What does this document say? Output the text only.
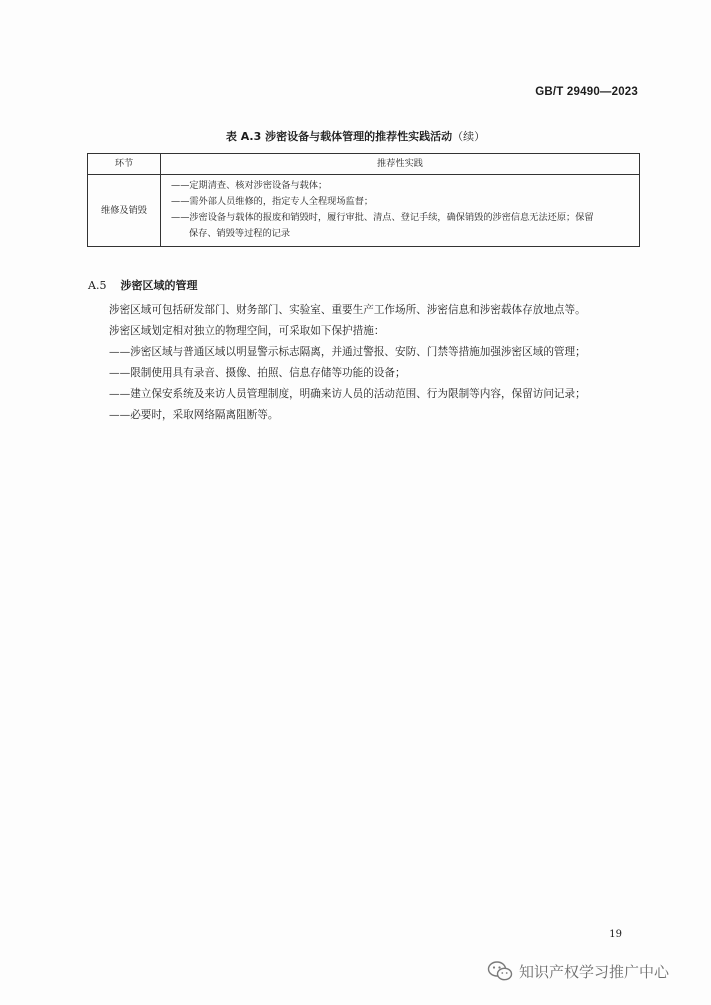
GB/T 29490—2023
表 A.3 涉密设备与载体管理的推荐性实践活动（续）
环节	推荐性实践
维修及销毁	——定期清查、核对涉密设备与载体；
——需外部人员维修的，指定专人全程现场监督；
——涉密设备与载体的报废和销毁时，履行审批、清点、登记手续，确保销毁的涉密信息无法还原；保留
保存、销毁等过程的记录
A.5 涉密区域的管理
涉密区域可包括研发部门、财务部门、实验室、重要生产工作场所、涉密信息和涉密载体存放地点等。
涉密区域划定相对独立的物理空间，可采取如下保护措施：
——涉密区域与普通区域以明显警示标志隔离，并通过警报、安防、门禁等措施加强涉密区域的管理；
——限制使用具有录音、摄像、拍照、信息存储等功能的设备；
——建立保安系统及来访人员管理制度，明确来访人员的活动范围、行为限制等内容，保留访问记录；
——必要时，采取网络隔离阻断等。
19
知识产权学习推广中心
